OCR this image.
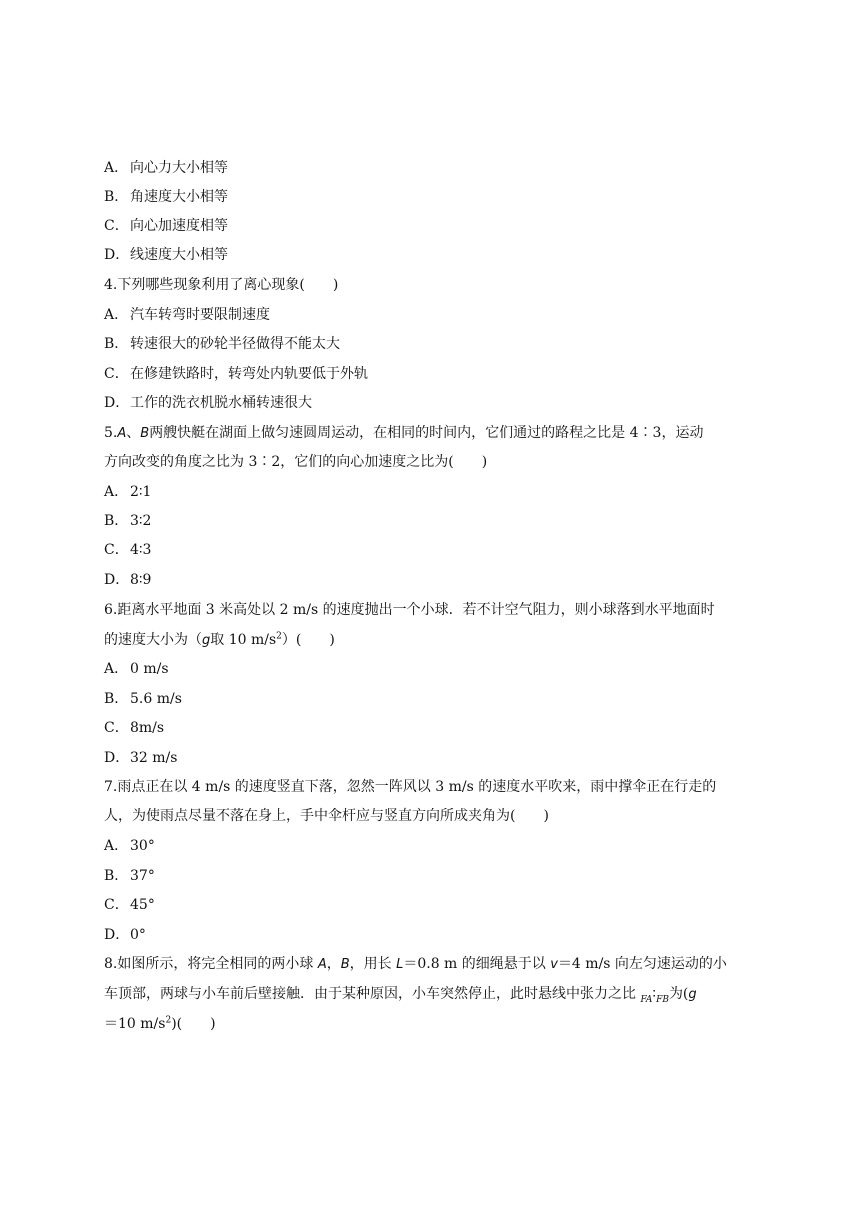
A． 向心力大小相等
B． 角速度大小相等
C．向心加速度相等
D．线速度大小相等
4.下列哪些现象利用了离心现象(　　)
A． 汽车转弯时要限制速度
B． 转速很大的砂轮半径做得不能太大
C．在修建铁路时，转弯处内轨要低于外轨
D．工作的洗衣机脱水桶转速很大
5.A、B两艘快艇在湖面上做匀速圆周运动，在相同的时间内，它们通过的路程之比是 4∶3，运动
方向改变的角度之比为 3∶2，它们的向心加速度之比为(　　)
A． 2∶1
B． 3∶2
C．4∶3
D．8∶9
6.距离水平地面 3 米高处以 2 m/s 的速度抛出一个小球．若不计空气阻力，则小球落到水平地面时
的速度大小为（g取 10 $m/s^2$）(　　)
A． 0 m/s
B． 5.6 m/s
C．8m/s
D．32 m/s
7.雨点正在以 4 m/s 的速度竖直下落，忽然一阵风以 3 m/s 的速度水平吹来，雨中撑伞正在行走的
人，为使雨点尽量不落在身上，手中伞杆应与竖直方向所成夹角为(　　)
A． 30°
B． 37°
C．45°
D．0°
8.如图所示，将完全相同的两小球 A，B，用长 L＝0.8 m 的细绳悬于以 v＝4 m/s 向左匀速运动的小
车顶部，两球与小车前后壁接触．由于某种原因，小车突然停止，此时悬线中张力之比 $_{FA}∶_{FB}$为(g
＝10 $m/s^2$)(　　)
